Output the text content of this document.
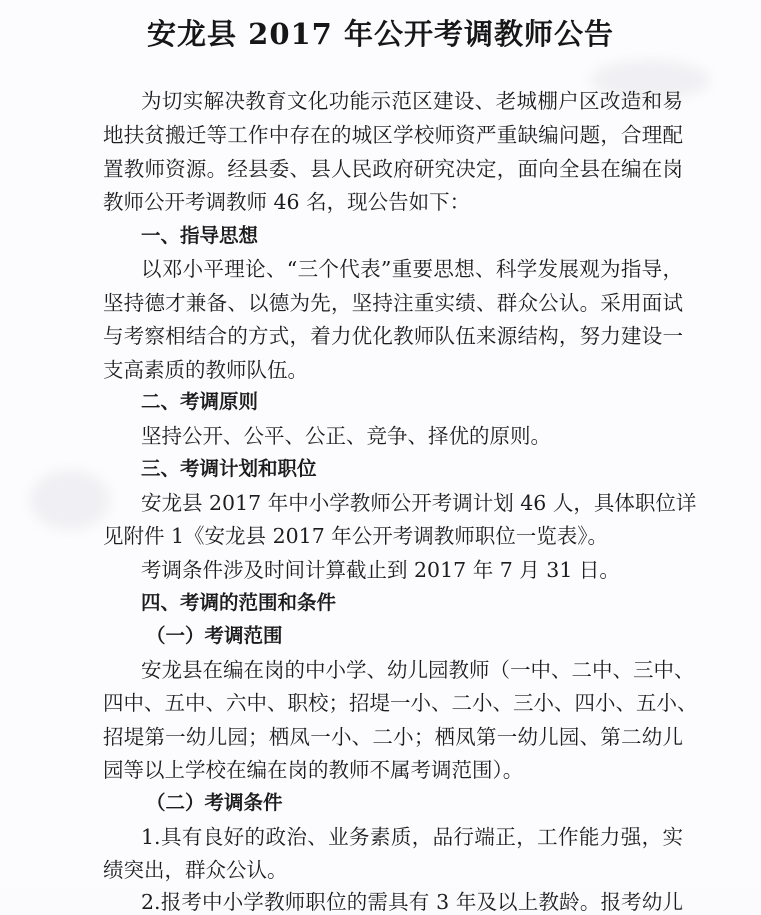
安龙县 2017 年公开考调教师公告
为切实解决教育文化功能示范区建设、老城棚户区改造和易
地扶贫搬迁等工作中存在的城区学校师资严重缺编问题，合理配
置教师资源。经县委、县人民政府研究决定，面向全县在编在岗
教师公开考调教师 46 名，现公告如下：
一、指导思想
以邓小平理论、“三个代表”重要思想、科学发展观为指导，
坚持德才兼备、以德为先，坚持注重实绩、群众公认。采用面试
与考察相结合的方式，着力优化教师队伍来源结构，努力建设一
支高素质的教师队伍。
二、考调原则
坚持公开、公平、公正、竞争、择优的原则。
三、考调计划和职位
安龙县 2017 年中小学教师公开考调计划 46 人，具体职位详
见附件 1《安龙县 2017 年公开考调教师职位一览表》。
考调条件涉及时间计算截止到 2017 年 7 月 31 日。
四、考调的范围和条件
（一）考调范围
安龙县在编在岗的中小学、幼儿园教师（一中、二中、三中、
四中、五中、六中、职校；招堤一小、二小、三小、四小、五小、
招堤第一幼儿园；栖凤一小、二小；栖凤第一幼儿园、第二幼儿
园等以上学校在编在岗的教师不属考调范围）。
（二）考调条件
1.具有良好的政治、业务素质，品行端正，工作能力强，实
绩突出，群众公认。
2.报考中小学教师职位的需具有 3 年及以上教龄。报考幼儿
